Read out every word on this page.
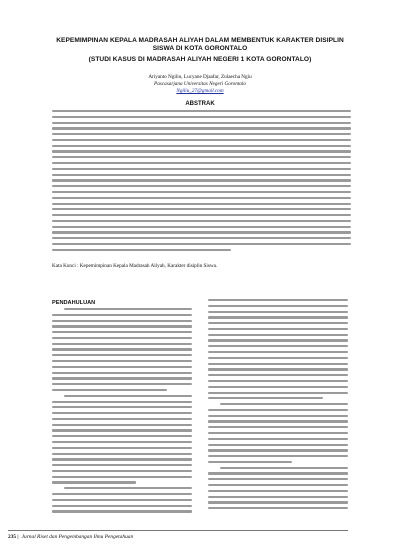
KEPEMIMPINAN KEPALA MADRASAH ALIYAH DALAM MEMBENTUK KARAKTER DISIPLIN
SISWA DI KOTA GORONTALO
(STUDI KASUS DI MADRASAH ALIYAH NEGERI 1 KOTA GORONTALO)
Ariyanto Ngiliu, Lucyane Djaafar, Zulaecha Ngiu
Pascasarjana Universitas Negeri Gorontalo
Ngiliu_27@gmail.com
ABSTRAK
Kata Kunci : Kepemimpinan Kepala Madrasah Aliyah, Karakter disiplin Siswa.
PENDAHULUAN
235 | Jurnal Riset dan Pengembangan Ilmu Pengetahuan
